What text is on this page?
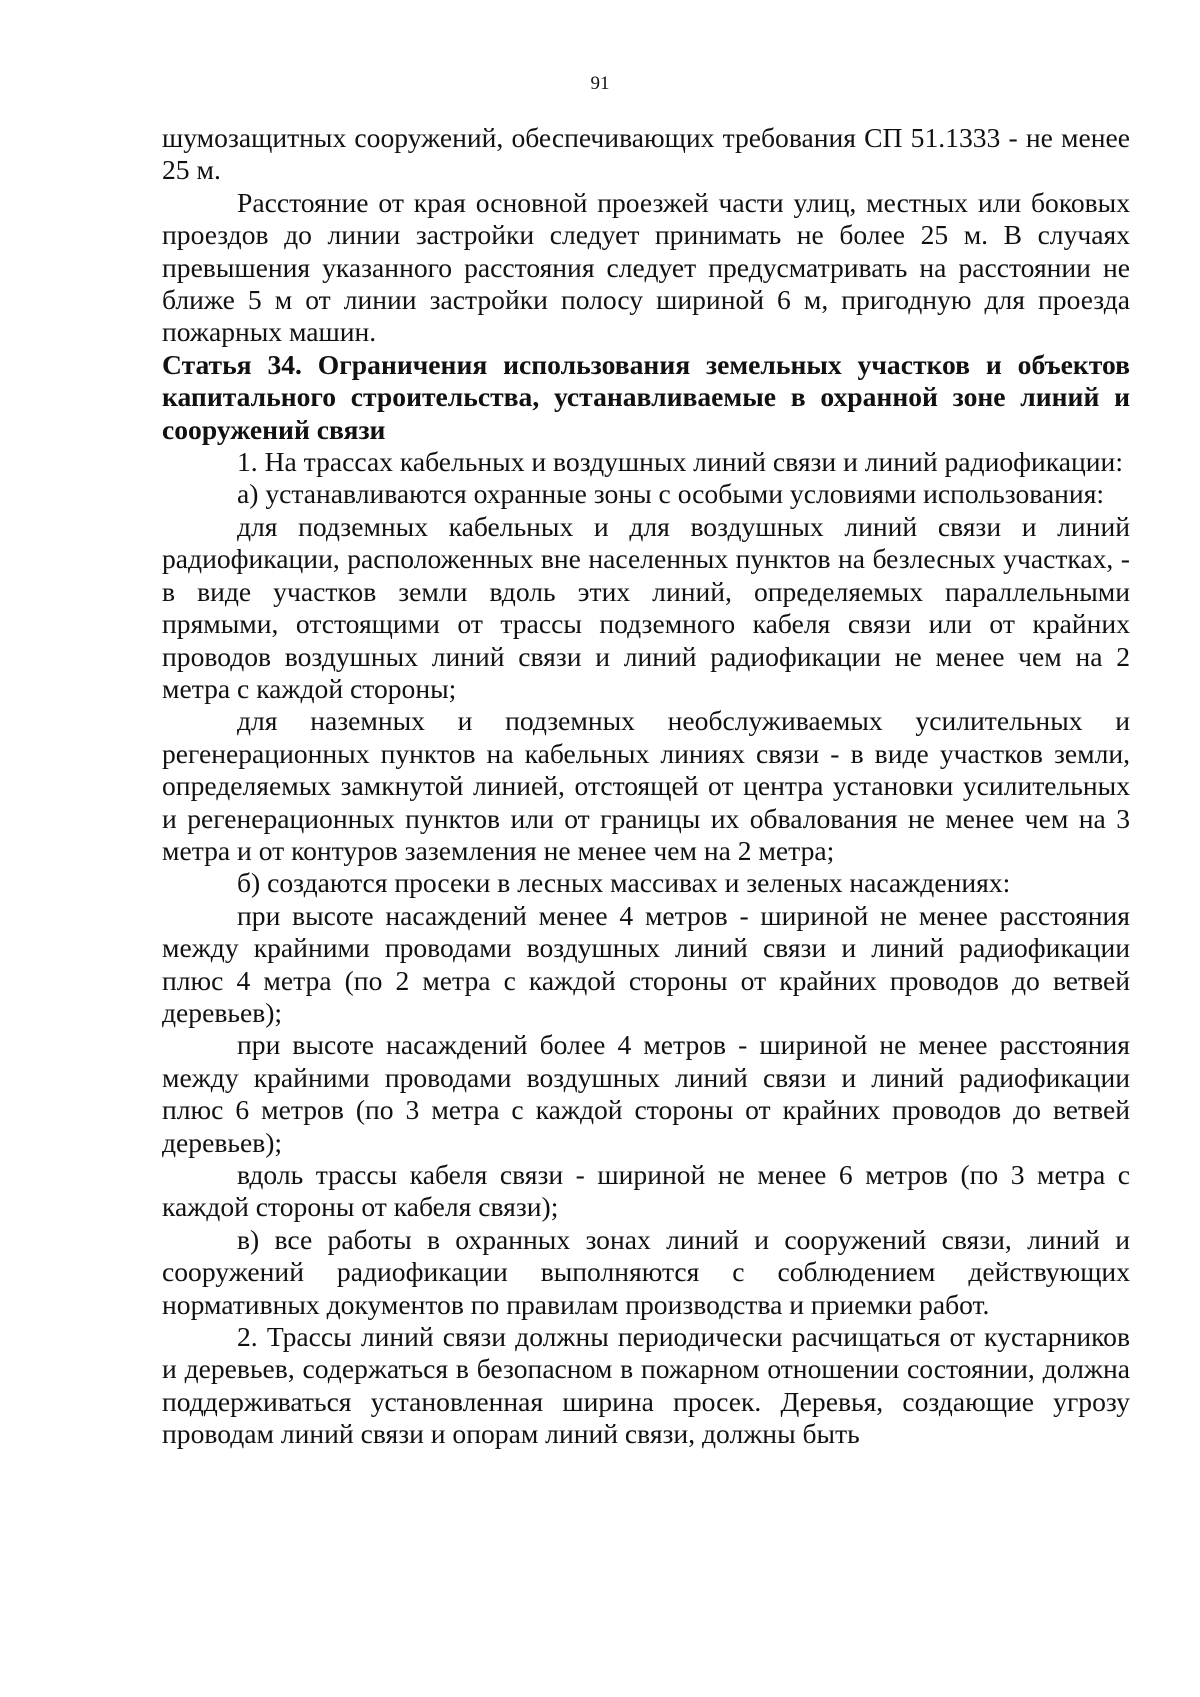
91

шумозащитных сооружений, обеспечивающих требования СП 51.1333 - не менее 25 м.

Расстояние от края основной проезжей части улиц, местных или боковых проездов до линии застройки следует принимать не более 25 м. В случаях превышения указанного расстояния следует предусматривать на расстоянии не ближе 5 м от линии застройки полосу шириной 6 м, пригодную для проезда пожарных машин.

Статья 34. Ограничения использования земельных участков и объектов капитального строительства, устанавливаемые в охранной зоне линий и сооружений связи

1. На трассах кабельных и воздушных линий связи и линий радиофикации:

а) устанавливаются охранные зоны с особыми условиями использования:

для подземных кабельных и для воздушных линий связи и линий радиофикации, расположенных вне населенных пунктов на безлесных участках, - в виде участков земли вдоль этих линий, определяемых параллельными прямыми, отстоящими от трассы подземного кабеля связи или от крайних проводов воздушных линий связи и линий радиофикации не менее чем на 2 метра с каждой стороны;

для наземных и подземных необслуживаемых усилительных и регенерационных пунктов на кабельных линиях связи - в виде участков земли, определяемых замкнутой линией, отстоящей от центра установки усилительных и регенерационных пунктов или от границы их обвалования не менее чем на 3 метра и от контуров заземления не менее чем на 2 метра;

б) создаются просеки в лесных массивах и зеленых насаждениях:

при высоте насаждений менее 4 метров - шириной не менее расстояния между крайними проводами воздушных линий связи и линий радиофикации плюс 4 метра (по 2 метра с каждой стороны от крайних проводов до ветвей деревьев);

при высоте насаждений более 4 метров - шириной не менее расстояния между крайними проводами воздушных линий связи и линий радиофикации плюс 6 метров (по 3 метра с каждой стороны от крайних проводов до ветвей деревьев);

вдоль трассы кабеля связи - шириной не менее 6 метров (по 3 метра с каждой стороны от кабеля связи);

в) все работы в охранных зонах линий и сооружений связи, линий и сооружений радиофикации выполняются с соблюдением действующих нормативных документов по правилам производства и приемки работ.

2. Трассы линий связи должны периодически расчищаться от кустарников и деревьев, содержаться в безопасном в пожарном отношении состоянии, должна поддерживаться установленная ширина просек. Деревья, создающие угрозу проводам линий связи и опорам линий связи, должны быть
